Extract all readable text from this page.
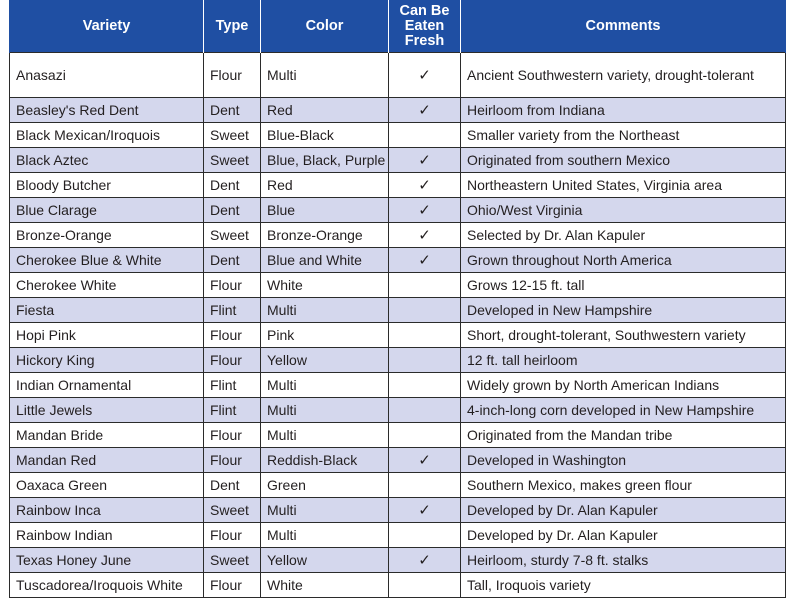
Variety	Type	Color	Can Be Eaten Fresh	Comments
Anasazi	Flour	Multi	✓	Ancient Southwestern variety, drought-tolerant
Beasley's Red Dent	Dent	Red	✓	Heirloom from Indiana
Black Mexican/Iroquois	Sweet	Blue-Black		Smaller variety from the Northeast
Black Aztec	Sweet	Blue, Black, Purple	✓	Originated from southern Mexico
Bloody Butcher	Dent	Red	✓	Northeastern United States, Virginia area
Blue Clarage	Dent	Blue	✓	Ohio/West Virginia
Bronze-Orange	Sweet	Bronze-Orange	✓	Selected by Dr. Alan Kapuler
Cherokee Blue & White	Dent	Blue and White	✓	Grown throughout North America
Cherokee White	Flour	White		Grows 12-15 ft. tall
Fiesta	Flint	Multi		Developed in New Hampshire
Hopi Pink	Flour	Pink		Short, drought-tolerant, Southwestern variety
Hickory King	Flour	Yellow		12 ft. tall heirloom
Indian Ornamental	Flint	Multi		Widely grown by North American Indians
Little Jewels	Flint	Multi		4-inch-long corn developed in New Hampshire
Mandan Bride	Flour	Multi		Originated from the Mandan tribe
Mandan Red	Flour	Reddish-Black	✓	Developed in Washington
Oaxaca Green	Dent	Green		Southern Mexico, makes green flour
Rainbow Inca	Sweet	Multi	✓	Developed by Dr. Alan Kapuler
Rainbow Indian	Flour	Multi		Developed by Dr. Alan Kapuler
Texas Honey June	Sweet	Yellow	✓	Heirloom, sturdy 7-8 ft. stalks
Tuscadorea/Iroquois White	Flour	White		Tall, Iroquois variety
